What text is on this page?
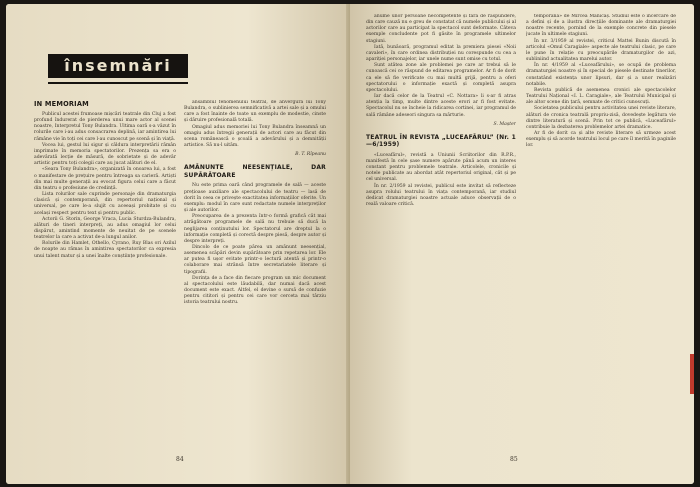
însemnări
IN MEMORIAM

Publicul acestei frumoase mișcări teatrale din Cluj a fost profund îndurerat de pierderea unui mare actor al scenei noastre, Interpretul Tony Bulandra. Ultima oară s-a văzut în rolurile care i-au adus consacrarea deplină, iar amintirea lui rămâne vie în toți cei care l-au cunoscut pe scenă și în viață.

Vocea lui, gestul lui sigur și căldura interpretării rămân imprimate în memoria spectatorilor. Prezența sa era o adevărată lecție de măsură, de sobrietate și de adevăr artistic pentru toți colegii care au jucat alături de el.

«Seara Tony Bulandra», organizată în onoarea lui, a fost o manifestare de prețuire pentru întreaga sa carieră. Artiști din mai multe generații au evocat figura celui care a făcut din teatru o profesiune de credință.

Lista rolurilor sale cuprinde personaje din dramaturgia clasică și contemporană, din repertoriul național și universal, pe care le-a slujit cu aceeași probitate și cu același respect pentru text și pentru public.

Actorii G. Storin, George Vraca, Lucia Sturdza-Bulandra, alături de tineri interpreți, au adus omagiul lor celui dispărut, amintind momente de neuitat de pe scenele teatrelor la care a activat de-a lungul anilor.

Rolurile din Hamlet, Othello, Cyrano, Ruy Blas ori Azilul de noapte au rămas în amintirea spectatorilor ca expresia unui talent matur și a unei înalte conștiințe profesionale.

ansamblul fenomenului teatral, de anvergura lui Tony Bulandra, o sublinierea semnificativă a artei sale și a omului care a fost înainte de toate un exemplu de modestie, cinste și dăruire profesională totală.

Omagiul adus memoriei lui Tony Bulandra înseamnă un omagiu adus întregii generații de actori care au făcut din scena românească o școală a adevărului și a demnității artistice. Să nu-l uităm.

B. T. Rîpeanu

AMĂNUNTE NEESENȚIALE, DAR SUPĂRĂTOARE

Nu este prima oară când programele de sală — aceste prețioase auxiliare ale spectacolului de teatru — lasă de dorit în ceea ce privește exactitatea informațiilor oferite. Un exemplu: modul în care sunt redactate numele interpreților și ale autorilor.

Preocuparea de a prezenta într-o formă grafică cât mai atrăgătoare programele de sală nu trebuie să ducă la neglijarea conținutului lor. Spectatorul are dreptul la o informație completă și corectă despre piesă, despre autor și despre interpreți.

Dincolo de ce poate părea un amănunt neesențial, asemenea scăpări devin supărătoare prin repetarea lor. Ele ar putea fi ușor evitate printr-o lectură atentă și printr-o colaborare mai strânsă între secretariatele literare și tipografii.

Dorința de a face din fiecare program un mic document al spectacolului este lăudabilă, dar numai dacă acest document este exact. Altfel, el devine o sursă de confuzie pentru cititori și pentru cei care vor cerceta mai târziu istoria teatrului nostru.

84

anume unor persoane necompetente și fără de răspundere, din care cauză nu e greu de constatat că numele publicului și al actorilor care au participat la spectacol sunt deformate. Câteva exemple concludente pot fi găsite în programele ultimelor stagiuni.

Iată, bunăoară, programul editat la premiera piesei «Noii cavaleri», în care ordinea distribuției nu corespunde cu cea a apariției personajelor, iar unele nume sunt omise cu totul.

Sunt atâtea zone ale problemei pe care ar trebui să le cunoască cei ce răspund de editarea programelor. Ar fi de dorit ca ele să fie verificate cu mai multă grijă, pentru a oferi spectatorului o informație exactă și completă asupra spectacolului.

Iar dacă celor de la Teatrul «C. Nottara» li s-ar fi atras atenția la timp, multe dintre aceste erori ar fi fost evitate. Spectacolul nu se încheie la ridicarea cortinei, iar programul de sală rămâne adeseori singura sa mărturie.

S. Mașter

TEATRUL ÎN REVISTA „LUCEAFĂRUL” (Nr. 1—6/1959)

«Luceafărul», revistă a Uniunii Scriitorilor din R.P.R., manifestă în cele șase numere apărute până acum un interes constant pentru problemele teatrale. Articolele, cronicile și notele publicate au abordat atât repertoriul original, cât și pe cel universal.

În nr. 2/1959 al revistei, publicul este invitat să reflecteze asupra rolului teatrului în viața contemporană, iar studiul dedicat dramaturgiei noastre actuale aduce observații de o reală valoare critică.

temporană» de Mircea Manicaș. Studiul este o încercare de a defini și de a ilustra direcțiile dominante ale dramaturgiei noastre recente, pornind de la exemple concrete din piesele jucate în ultimele stagiuni.

În nr. 3/1959 al revistei, criticul Mattei Bunin discută în articolul «Omul Caragiale» aspecte ale teatrului clasic, pe care le pune în relație cu preocupările dramaturgilor de azi, subliniind actualitatea marelui autor.

În nr. 4/1959 al «Luceafărului», se ocupă de problema dramaturgiei noastre și în special de piesele destinate tinerilor, constatând existența unor lipsuri, dar și a unor realizări notabile.

Revista publică de asemenea cronici ale spectacolelor Teatrului Național «I. L. Caragiale», ale Teatrului Municipal și ale altor scene din țară, semnate de critici cunoscuți.

Societatea publicului pentru activitatea unei reviste literare, alături de cronica teatrală propriu-zisă, dovedește legătura vie dintre literatură și scenă. Prin tot ce publică, «Luceafărul» contribuie la dezbaterea problemelor artei dramatice.

Ar fi de dorit ca și alte reviste literare să urmeze acest exemplu și să acorde teatrului locul pe care îl merită în paginile lor.

85
